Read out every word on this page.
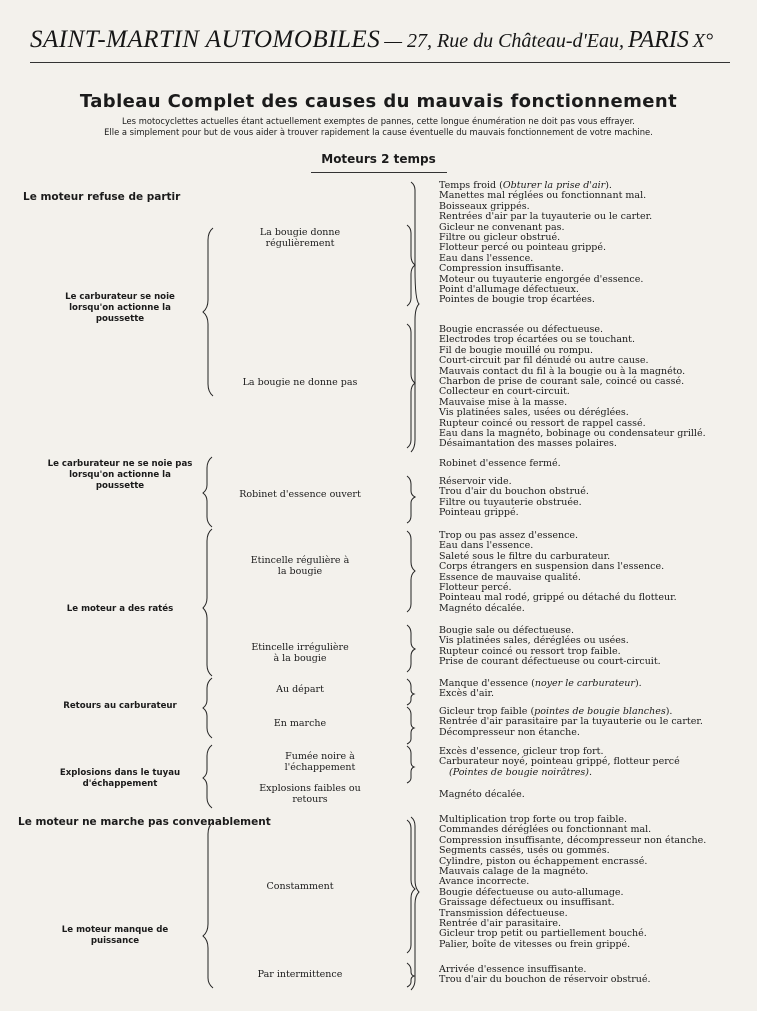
SAINT-MARTIN AUTOMOBILES — 27, Rue du Château-d'Eau, PARIS X°
Tableau Complet des causes du mauvais fonctionnement
Les motocyclettes actuelles étant actuellement exemptes de pannes, cette longue énumération ne doit pas vous effrayer.
Elle a simplement pour but de vous aider à trouver rapidement la cause éventuelle du mauvais fonctionnement de votre machine.
Moteurs 2 temps
Le moteur refuse de partir
Le moteur ne marche pas convenablement
Le carburateur se noie lorsqu'on actionne la poussette
Le carburateur ne se noie pas lorsqu'on actionne la poussette
Le moteur a des ratés
Retours au carburateur
Explosions dans le tuyau d'échappement
Le moteur manque de puissance
La bougie donne régulièrement
La bougie ne donne pas
Robinet d'essence ouvert
Etincelle régulière à la bougie
Etincelle irrégulière à la bougie
Au départ
En marche
Fumée noire à l'échappement
Explosions faibles ou retours
Constamment
Par intermittence
Temps froid (Obturer la prise d'air).
Manettes mal réglées ou fonctionnant mal.
Boisseaux grippés.
Rentrées d'air par la tuyauterie ou le carter.
Gicleur ne convenant pas.
Filtre ou gicleur obstrué.
Flotteur percé ou pointeau grippé.
Eau dans l'essence.
Compression insuffisante.
Moteur ou tuyauterie engorgée d'essence.
Point d'allumage défectueux.
Pointes de bougie trop écartées.
Bougie encrassée ou défectueuse.
Electrodes trop écartées ou se touchant.
Fil de bougie mouillé ou rompu.
Court-circuit par fil dénudé ou autre cause.
Mauvais contact du fil à la bougie ou à la magnéto.
Charbon de prise de courant sale, coincé ou cassé.
Collecteur en court-circuit.
Mauvaise mise à la masse.
Vis platinées sales, usées ou déréglées.
Rupteur coincé ou ressort de rappel cassé.
Eau dans la magnéto, bobinage ou condensateur grillé.
Désaimantation des masses polaires.
Robinet d'essence fermé.
Réservoir vide.
Trou d'air du bouchon obstrué.
Filtre ou tuyauterie obstruée.
Pointeau grippé.
Trop ou pas assez d'essence.
Eau dans l'essence.
Saleté sous le filtre du carburateur.
Corps étrangers en suspension dans l'essence.
Essence de mauvaise qualité.
Flotteur percé.
Pointeau mal rodé, grippé ou détaché du flotteur.
Magnéto décalée.
Bougie sale ou défectueuse.
Vis platinées sales, déréglées ou usées.
Rupteur coincé ou ressort trop faible.
Prise de courant défectueuse ou court-circuit.
Manque d'essence (noyer le carburateur).
Excès d'air.
Gicleur trop faible (pointes de bougie blanches).
Rentrée d'air parasitaire par la tuyauterie ou le carter.
Décompresseur non étanche.
Excès d'essence, gicleur trop fort.
Carburateur noyé, pointeau grippé, flotteur percé
(Pointes de bougie noirâtres).
Magnéto décalée.
Multiplication trop forte ou trop faible.
Commandes déréglées ou fonctionnant mal.
Compression insuffisante, décompresseur non étanche.
Segments cassés, usés ou gommés.
Cylindre, piston ou échappement encrassé.
Mauvais calage de la magnéto.
Avance incorrecte.
Bougie défectueuse ou auto-allumage.
Graissage défectueux ou insuffisant.
Transmission défectueuse.
Rentrée d'air parasitaire.
Gicleur trop petit ou partiellement bouché.
Palier, boîte de vitesses ou frein grippé.
Arrivée d'essence insuffisante.
Trou d'air du bouchon de réservoir obstrué.
